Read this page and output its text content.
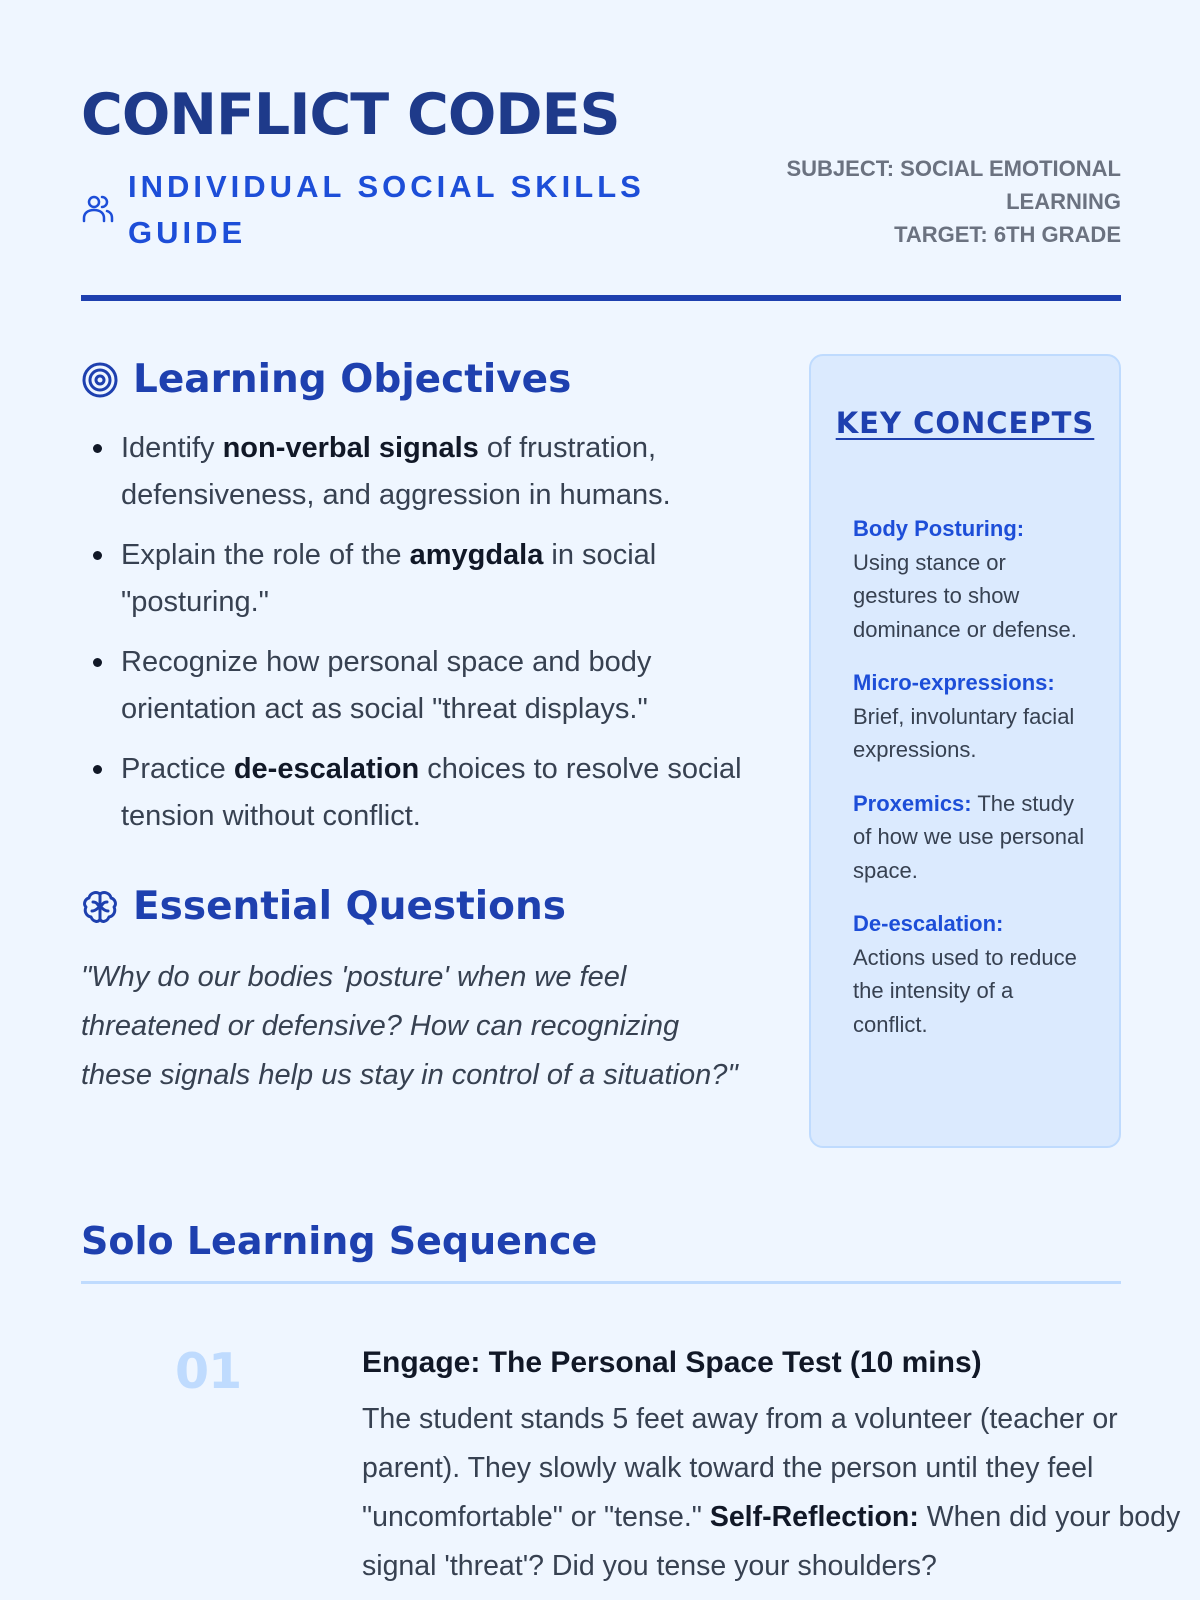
CONFLICT CODES
INDIVIDUAL SOCIAL SKILLS GUIDE
SUBJECT: SOCIAL EMOTIONAL LEARNING
TARGET: 6TH GRADE
Learning Objectives
Identify non-verbal signals of frustration, defensiveness, and aggression in humans.
Explain the role of the amygdala in social "posturing."
Recognize how personal space and body orientation act as social "threat displays."
Practice de-escalation choices to resolve social tension without conflict.
Essential Questions

"Why do our bodies 'posture' when we feel threatened or defensive? How can recognizing these signals help us stay in control of a situation?"

KEY CONCEPTS

Body Posturing:
Using stance or gestures to show dominance or defense.

Micro-expressions:
Brief, involuntary facial expressions.

Proxemics: The study of how we use personal space.

De-escalation:
Actions used to reduce the intensity of a conflict.

Solo Learning Sequence
01	Engage: The Personal Space Test (10 mins)

The student stands 5 feet away from a volunteer (teacher or parent). They slowly walk toward the person until they feel "uncomfortable" or "tense." Self-Reflection: When did your body signal 'threat'? Did you tense your shoulders?
